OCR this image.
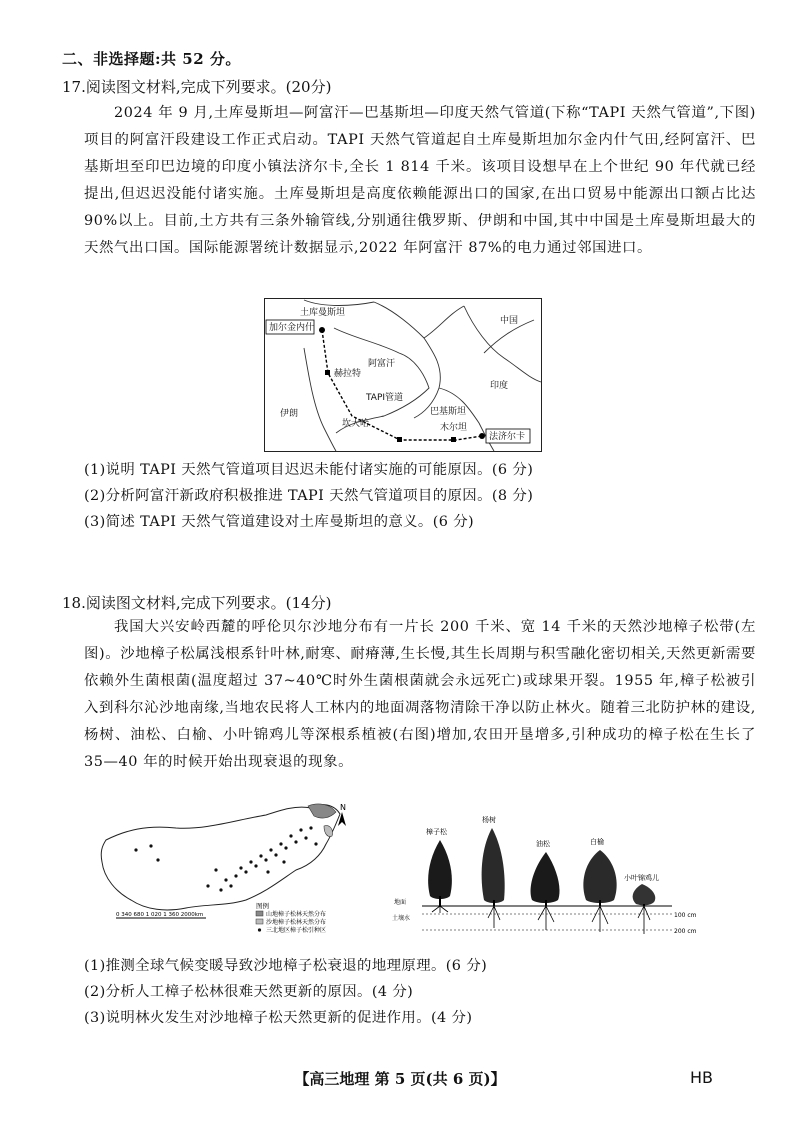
二、非选择题:共 52 分。
17.阅读图文材料,完成下列要求。(20分)
2024 年 9 月,土库曼斯坦—阿富汗—巴基斯坦—印度天然气管道(下称“TAPI 天然气管道”,下图)项目的阿富汗段建设工作正式启动。TAPI 天然气管道起自土库曼斯坦加尔金内什气田,经阿富汗、巴基斯坦至印巴边境的印度小镇法济尔卡,全长 1 814 千米。该项目设想早在上个世纪 90 年代就已经提出,但迟迟没能付诸实施。土库曼斯坦是高度依赖能源出口的国家,在出口贸易中能源出口额占比达 90%以上。目前,土方共有三条外输管线,分别通往俄罗斯、伊朗和中国,其中中国是土库曼斯坦最大的天然气出口国。国际能源署统计数据显示,2022 年阿富汗 87%的电力通过邻国进口。
土库曼斯坦
加尔金内什
中国
赫拉特
阿富汗
TAPI管道
伊朗	巴基斯坦
印度
坎大哈	木尔坦
法济尔卡
(1)说明 TAPI 天然气管道项目迟迟未能付诸实施的可能原因。(6 分)
(2)分析阿富汗新政府积极推进 TAPI 天然气管道项目的原因。(8 分)
(3)简述 TAPI 天然气管道建设对土库曼斯坦的意义。(6 分)
18.阅读图文材料,完成下列要求。(14分)
我国大兴安岭西麓的呼伦贝尔沙地分布有一片长 200 千米、宽 14 千米的天然沙地樟子松带(左图)。沙地樟子松属浅根系针叶林,耐寒、耐瘠薄,生长慢,其生长周期与积雪融化密切相关,天然更新需要依赖外生菌根菌(温度超过 37~40℃时外生菌根菌就会永远死亡)或球果开裂。1955 年,樟子松被引入到科尔沁沙地南缘,当地农民将人工林内的地面凋落物清除干净以防止林火。随着三北防护林的建设,杨树、油松、白榆、小叶锦鸡儿等深根系植被(右图)增加,农田开垦增多,引种成功的樟子松在生长了 35—40 年的时候开始出现衰退的现象。
N
0 340 680 1 020 1 360 2000km
图例
山地樟子松林天然分布
沙地樟子松林天然分布
三北地区樟子松引种区
樟子松
杨树
油松	白榆
小叶锦鸡儿
地面
土壤水	100 cm
200 cm
(1)推测全球气候变暖导致沙地樟子松衰退的地理原理。(6 分)
(2)分析人工樟子松林很难天然更新的原因。(4 分)
(3)说明林火发生对沙地樟子松天然更新的促进作用。(4 分)
【高三地理 第 5 页(共 6 页)】	HB
